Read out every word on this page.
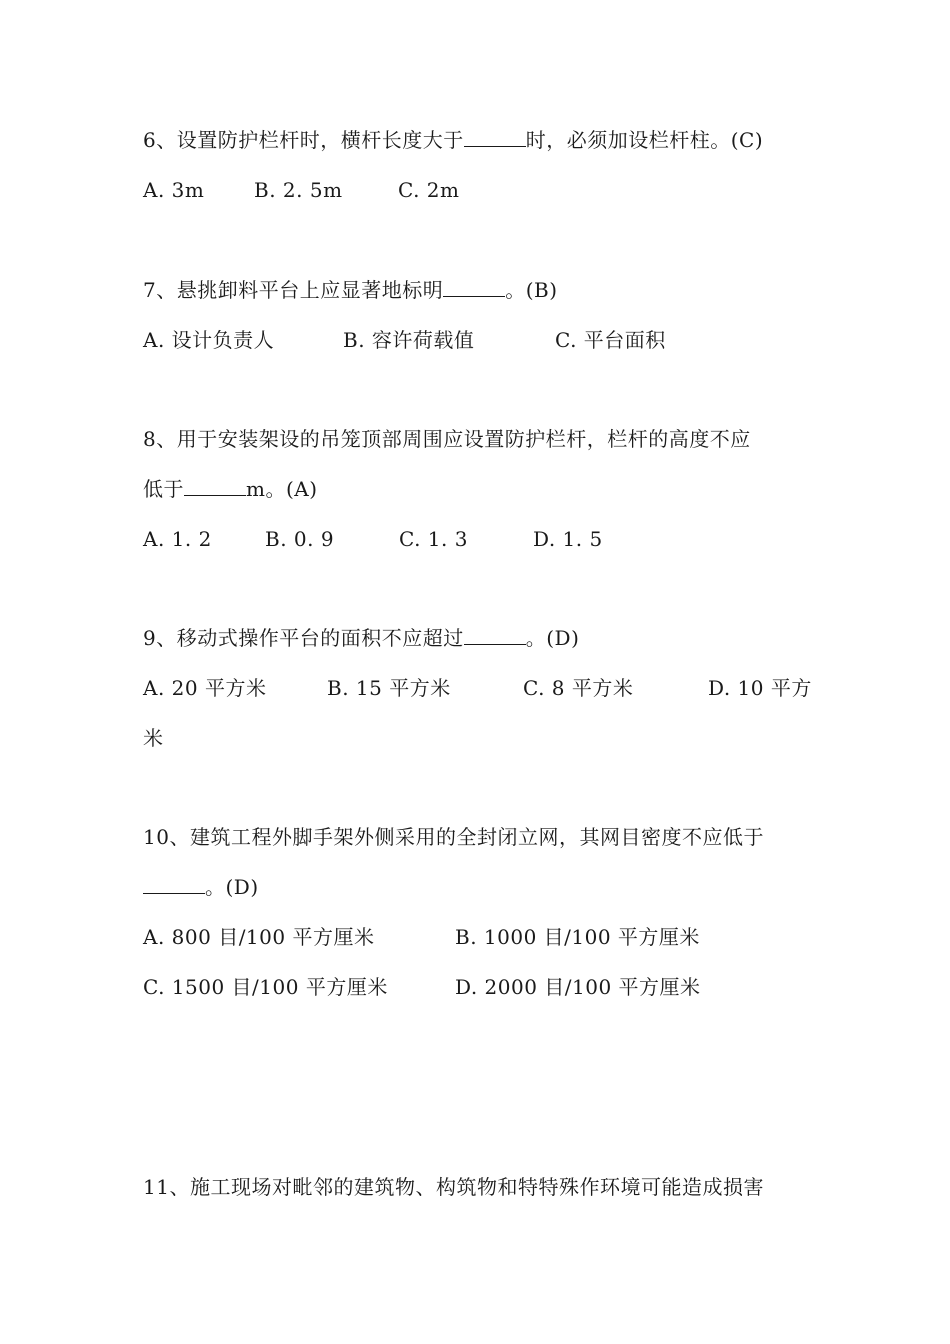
6、设置防护栏杆时，横杆长度大于	时，必须加设栏杆柱。(C)
A. 3m B. 2. 5m	C. 2m
7、悬挑卸料平台上应显著地标明	。(B)
A. 设计负责人	B. 容许荷载值	C. 平台面积
8、用于安装架设的吊笼顶部周围应设置防护栏杆，栏杆的高度不应
低于	m。(A)
A. 1. 2	B. 0. 9	C. 1. 3	D. 1. 5
9、移动式操作平台的面积不应超过	。(D)
A. 20 平方米	B. 15 平方米	C. 8 平方米	D. 10 平方
米
10、建筑工程外脚手架外侧采用的全封闭立网，其网目密度不应低于
。(D)
A. 800 目/100 平方厘米	B. 1000 目/100 平方厘米
C. 1500 目/100 平方厘米	D. 2000 目/100 平方厘米
11、施工现场对毗邻的建筑物、构筑物和特特殊作环境可能造成损害
